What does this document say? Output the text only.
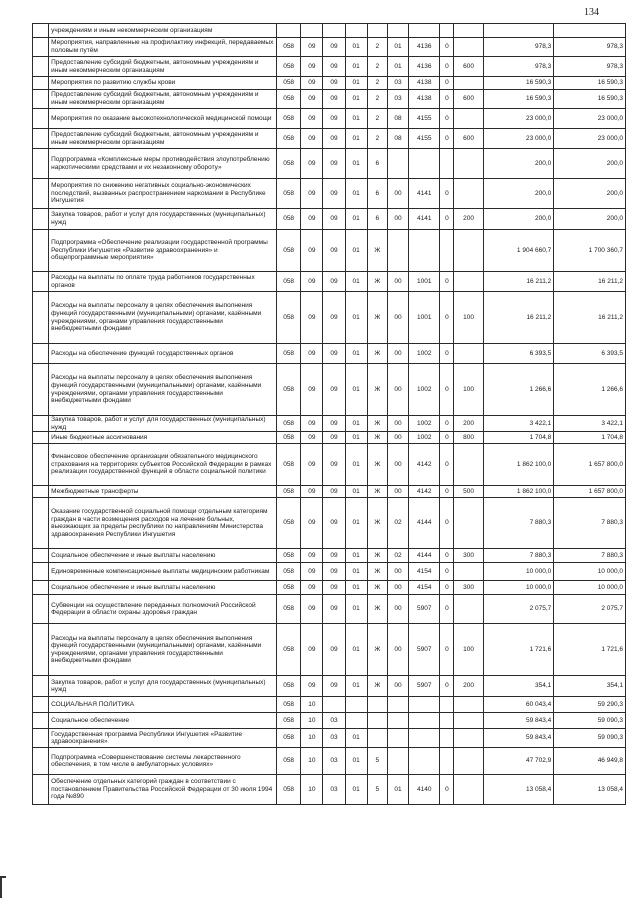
134
	учреждениям и иным некоммерческим организациям											
	Мероприятия, направленные на профилактику инфекций, передаваемых половым путём	058	09	09	01	2	01	4136	0		978,3	978,3
	Предоставление субсидий бюджетным, автономным учреждениям и иным некоммерческим организациям	058	09	09	01	2	01	4136	0	600	978,3	978,3
	Мероприятия по развитию службы крови	058	09	09	01	2	03	4138	0		16 590,3	16 590,3
	Предоставление субсидий бюджетным, автономным учреждениям и иным некоммерческим организациям	058	09	09	01	2	03	4138	0	600	16 590,3	16 590,3
	Мероприятия по оказание высокотехнологической медицинской помощи	058	09	09	01	2	08	4155	0		23 000,0	23 000,0
	Предоставление субсидий бюджетным, автономным учреждениям и иным некоммерческим организациям	058	09	09	01	2	08	4155	0	600	23 000,0	23 000,0
	Подпрограмма «Комплексные меры противодействия злоупотреблению наркотическими средствами и их незаконному обороту»	058	09	09	01	6					200,0	200,0
	Мероприятия по снижению негативных социально-экономических последствий, вызванных распространением наркомании в Республике Ингушетия	058	09	09	01	6	00	4141	0		200,0	200,0
	Закупка товаров, работ и услуг для государственных (муниципальных) нужд	058	09	09	01	6	00	4141	0	200	200,0	200,0
	Подпрограмма «Обеспечение реализации государственной программы Республики Ингушетия «Развитие здравоохранения» и общепрограммные мероприятия»	058	09	09	01	Ж					1 904 660,7	1 700 360,7
	Расходы на выплаты по оплате труда работников государственных органов	058	09	09	01	Ж	00	1001	0		16 211,2	16 211,2
	Расходы на выплаты персоналу в целях обеспечения выполнения функций государственными (муниципальными) органами, казёнными учреждениями, органами управления государственными внебюджетными фондами	058	09	09	01	Ж	00	1001	0	100	16 211,2	16 211,2
	Расходы на обеспечение функций государственных органов	058	09	09	01	Ж	00	1002	0		6 393,5	6 393,5
	Расходы на выплаты персоналу в целях обеспечения выполнения функций государственными (муниципальными) органами, казёнными учреждениями, органами управления государственными внебюджетными фондами	058	09	09	01	Ж	00	1002	0	100	1 266,6	1 266,6
	Закупка товаров, работ и услуг для государственных (муниципальных) нужд	058	09	09	01	Ж	00	1002	0	200	3 422,1	3 422,1
	Иные бюджетные ассигнования	058	09	09	01	Ж	00	1002	0	800	1 704,8	1 704,8
	Финансовое обеспечение организации обязательного медицинского страхования на территориях субъектов Российской Федерации в рамках реализации государственной функций в области социальной политики	058	09	09	01	Ж	00	4142	0		1 862 100,0	1 657 800,0
	Межбюджетные трансферты	058	09	09	01	Ж	00	4142	0	500	1 862 100,0	1 657 800,0
	Оказание государственной социальной помощи отдельным категориям граждан в части возмещения расходов на лечение больных, выезжающих за пределы республики по направлениям Министерства здравоохранения Республики Ингушетия	058	09	09	01	Ж	02	4144	0		7 880,3	7 880,3
	Социальное обеспечение и иные выплаты населению	058	09	09	01	Ж	02	4144	0	300	7 880,3	7 880,3
	Единовременные компенсационные выплаты медицинским работникам	058	09	09	01	Ж	00	4154	0		10 000,0	10 000,0
	Социальное обеспечение и иные выплаты населению	058	09	09	01	Ж	00	4154	0	300	10 000,0	10 000,0
	Субвенции на осуществление переданных полномочий Российской Федерации в области охраны здоровья граждан	058	09	09	01	Ж	00	5907	0		2 075,7	2 075,7
	Расходы на выплаты персоналу в целях обеспечения выполнения функций государственными (муниципальными) органами, казёнными учреждениями, органами управления государственными внебюджетными фондами	058	09	09	01	Ж	00	5907	0	100	1 721,6	1 721,6
	Закупка товаров, работ и услуг для государственных (муниципальных) нужд	058	09	09	01	Ж	00	5907	0	200	354,1	354,1
	СОЦИАЛЬНАЯ ПОЛИТИКА	058	10								60 043,4	59 290,3
	Социальное обеспечение	058	10	03							59 843,4	59 090,3
	Государственная программа Республики Ингушетия «Развитие здравоохранения»	058	10	03	01						59 843,4	59 090,3
	Подпрограмма «Совершенствование системы лекарственного обеспечения, в том числе в амбулаторных условиях»	058	10	03	01	5					47 702,9	46 949,8
	Обеспечение отдельных категорий граждан в соответствии с постановлением Правительства Российской Федерации от 30 июля 1994 года №890	058	10	03	01	5	01	4140	0		13 058,4	13 058,4
